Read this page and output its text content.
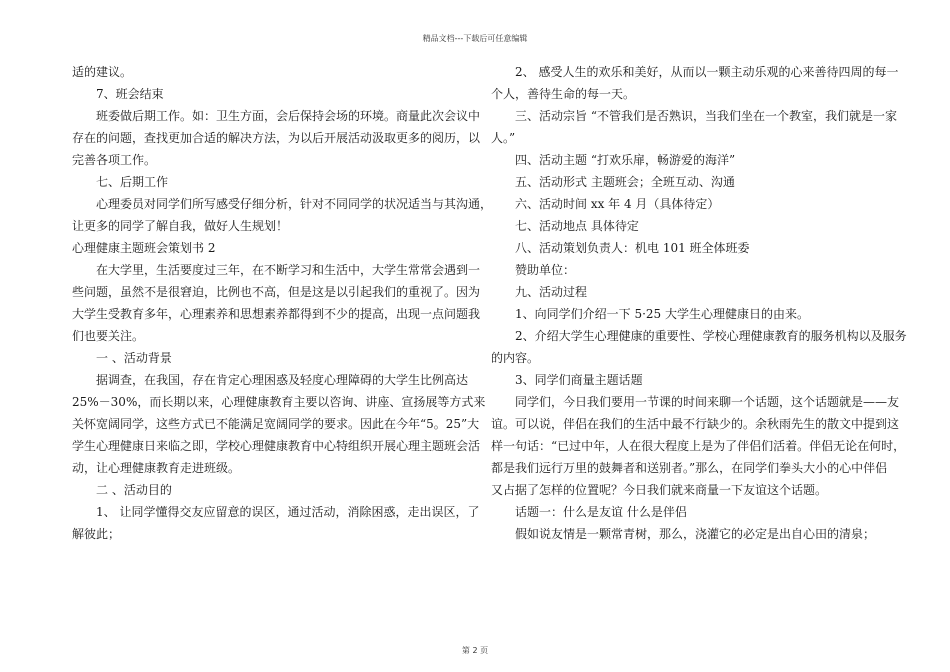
精品文档---下载后可任意编辑
适的建议。
7、班会结束
班委做后期工作。如：卫生方面，会后保持会场的环境。商量此次会议中
存在的问题，查找更加合适的解决方法，为以后开展活动汲取更多的阅历，以
完善各项工作。
七、后期工作
心理委员对同学们所写感受仔细分析，针对不同同学的状况适当与其沟通，
让更多的同学了解自我，做好人生规划！
心理健康主题班会策划书 2
在大学里，生活要度过三年，在不断学习和生活中，大学生常常会遇到一
些问题，虽然不是很窘迫，比例也不高，但是这是以引起我们的重视了。因为
大学生受教育多年，心理素养和思想素养都得到不少的提高，出现一点问题我
们也要关注。
一 、活动背景
据调查，在我国，存在肯定心理困惑及轻度心理障碍的大学生比例高达
25%－30%，而长期以来，心理健康教育主要以咨询、讲座、宣扬展等方式来
关怀宽阔同学，这些方式已不能满足宽阔同学的要求。因此在今年“5。25”大
学生心理健康日来临之即，学校心理健康教育中心特组织开展心理主题班会活
动，让心理健康教育走进班级。
二 、活动目的
1、 让同学懂得交友应留意的误区，通过活动，消除困惑，走出误区，了
解彼此；
2、 感受人生的欢乐和美好，从而以一颗主动乐观的心来善待四周的每一
个人，善待生命的每一天。
三、活动宗旨 “不管我们是否熟识，当我们坐在一个教室，我们就是一家
人。”
四、活动主题 “打欢乐扉，畅游爱的海洋”
五、活动形式 主题班会；全班互动、沟通
六、活动时间 xx 年 4 月（具体待定）
七、活动地点 具体待定
八、活动策划负责人：机电 101 班全体班委
赞助单位：
九、活动过程
1、向同学们介绍一下 5·25 大学生心理健康日的由来。
2、介绍大学生心理健康的重要性、学校心理健康教育的服务机构以及服务
的内容。
3、同学们商量主题话题
同学们，今日我们要用一节课的时间来聊一个话题，这个话题就是——友
谊。可以说，伴侣在我们的生活中最不行缺少的。余秋雨先生的散文中提到这
样一句话：“已过中年，人在很大程度上是为了伴侣们活着。伴侣无论在何时，
都是我们远行万里的鼓舞者和送别者。”那么，在同学们拳头大小的心中伴侣
又占据了怎样的位置呢？今日我们就来商量一下友谊这个话题。
话题一：什么是友谊 什么是伴侣
假如说友情是一颗常青树，那么，浇灌它的必定是出自心田的清泉；
第 2 页
